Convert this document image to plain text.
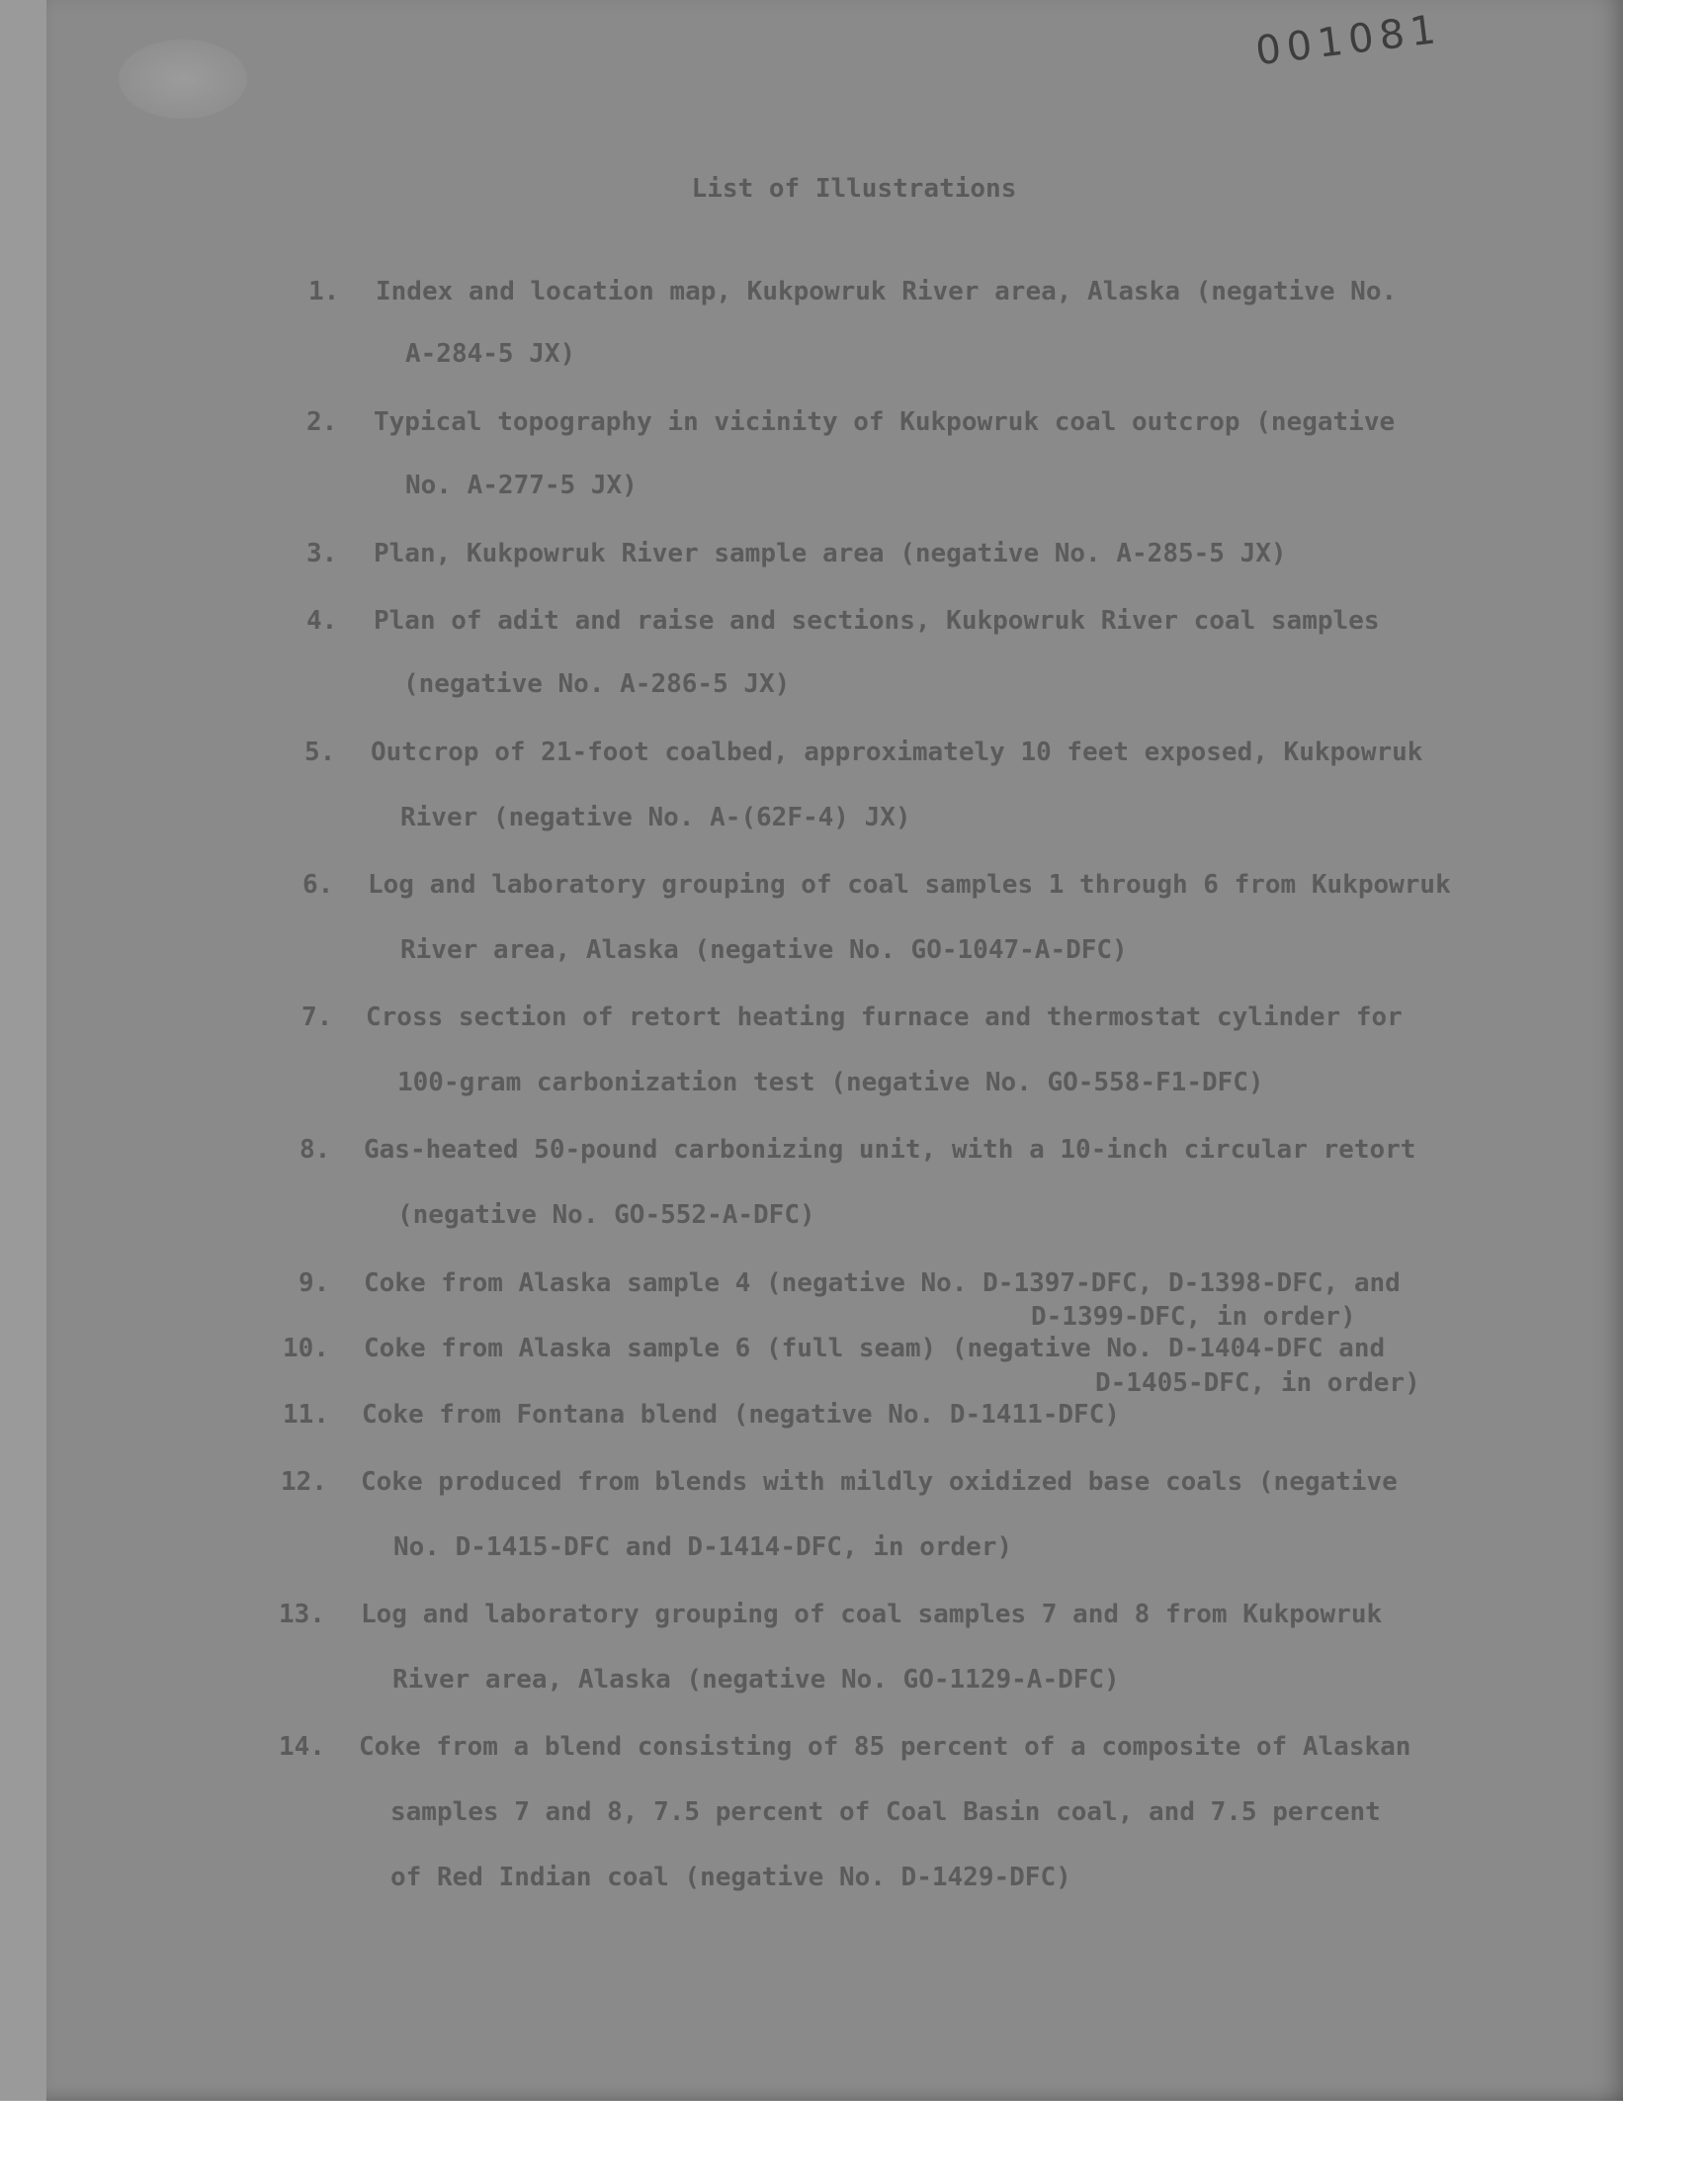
001081
List of Illustrations
1. Index and location map, Kukpowruk River area, Alaska (negative No.
A-284-5 JX)
2. Typical topography in vicinity of Kukpowruk coal outcrop (negative
No. A-277-5 JX)
3. Plan, Kukpowruk River sample area (negative No. A-285-5 JX)
4. Plan of adit and raise and sections, Kukpowruk River coal samples
(negative No. A-286-5 JX)
5. Outcrop of 21-foot coalbed, approximately 10 feet exposed, Kukpowruk
River (negative No. A-(62F-4) JX)
6. Log and laboratory grouping of coal samples 1 through 6 from Kukpowruk
River area, Alaska (negative No. GO-1047-A-DFC)
7. Cross section of retort heating furnace and thermostat cylinder for
100-gram carbonization test (negative No. GO-558-F1-DFC)
8. Gas-heated 50-pound carbonizing unit, with a 10-inch circular retort
(negative No. GO-552-A-DFC)
9. Coke from Alaska sample 4 (negative No. D-1397-DFC, D-1398-DFC, and
D-1399-DFC, in order)
10. Coke from Alaska sample 6 (full seam) (negative No. D-1404-DFC and
D-1405-DFC, in order)
11. Coke from Fontana blend (negative No. D-1411-DFC)
12. Coke produced from blends with mildly oxidized base coals (negative
No. D-1415-DFC and D-1414-DFC, in order)
13. Log and laboratory grouping of coal samples 7 and 8 from Kukpowruk
River area, Alaska (negative No. GO-1129-A-DFC)
14. Coke from a blend consisting of 85 percent of a composite of Alaskan
samples 7 and 8, 7.5 percent of Coal Basin coal, and 7.5 percent
of Red Indian coal (negative No. D-1429-DFC)
